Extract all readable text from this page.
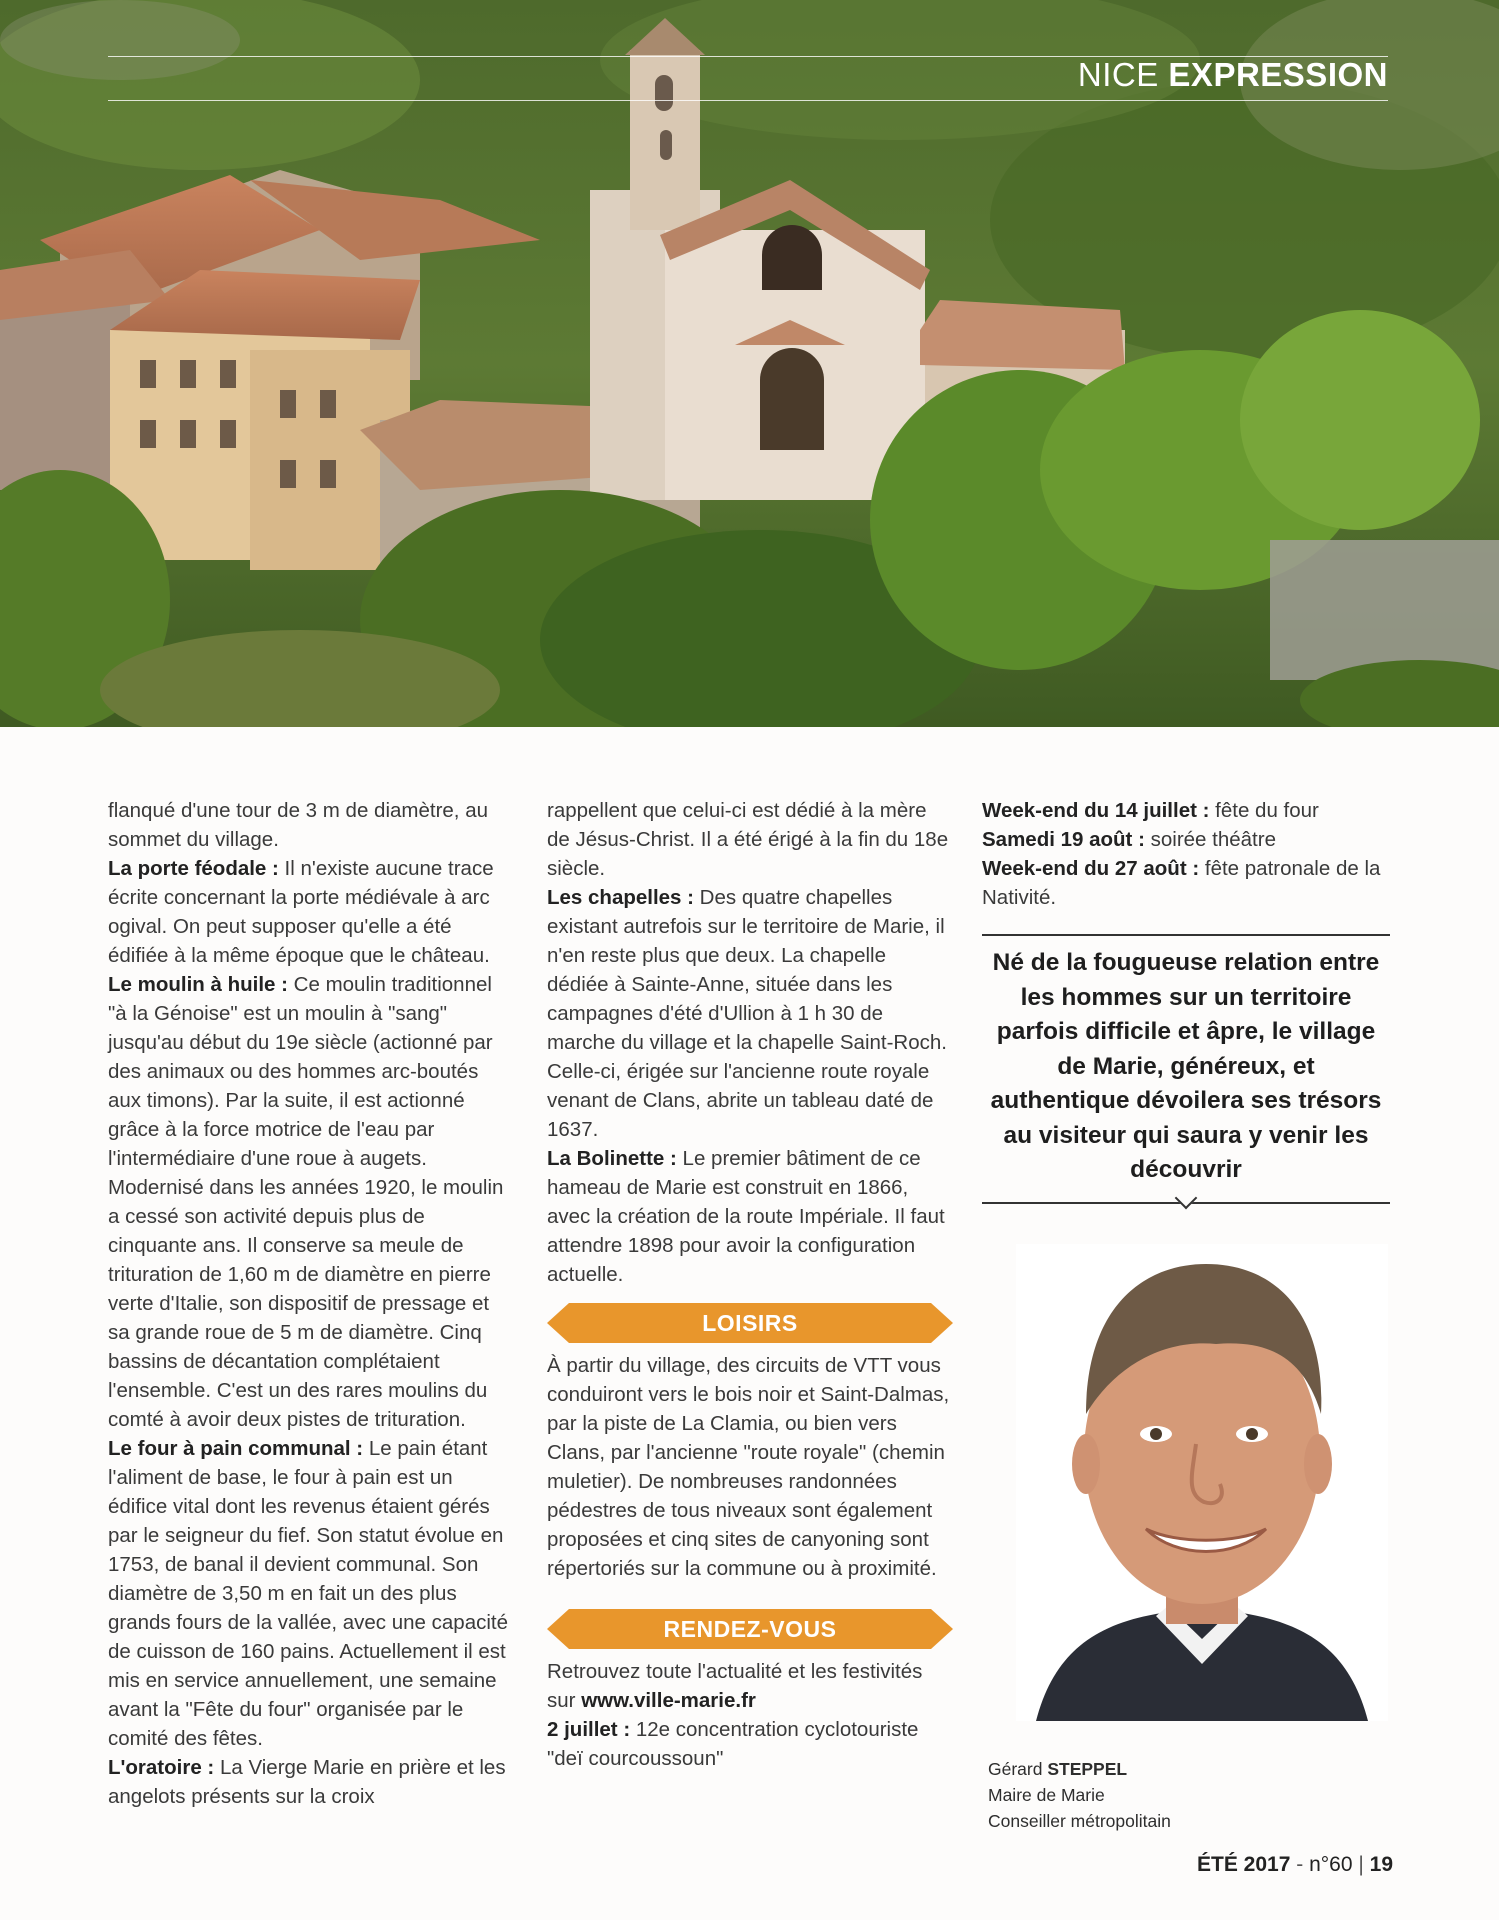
NICE EXPRESSION

flanqué d'une tour de 3 m de diamètre, au sommet du village.

La porte féodale : Il n'existe aucune trace écrite concernant la porte médiévale à arc ogival. On peut supposer qu'elle a été édifiée à la même époque que le château.

Le moulin à huile : Ce moulin traditionnel "à la Génoise" est un moulin à "sang" jusqu'au début du 19e siècle (actionné par des animaux ou des hommes arc-boutés aux timons). Par la suite, il est actionné grâce à la force motrice de l'eau par l'intermédiaire d'une roue à augets. Modernisé dans les années 1920, le moulin a cessé son activité depuis plus de cinquante ans. Il conserve sa meule de trituration de 1,60 m de diamètre en pierre verte d'Italie, son dispositif de pressage et sa grande roue de 5 m de diamètre. Cinq bassins de décantation complétaient l'ensemble. C'est un des rares moulins du comté à avoir deux pistes de trituration.

Le four à pain communal : Le pain étant l'aliment de base, le four à pain est un édifice vital dont les revenus étaient gérés par le seigneur du fief. Son statut évolue en 1753, de banal il devient communal. Son diamètre de 3,50 m en fait un des plus grands fours de la vallée, avec une capacité de cuisson de 160 pains. Actuellement il est mis en service annuellement, une semaine avant la "Fête du four" organisée par le comité des fêtes.

L'oratoire : La Vierge Marie en prière et les angelots présents sur la croix

rappellent que celui-ci est dédié à la mère de Jésus-Christ. Il a été érigé à la fin du 18e siècle.

Les chapelles : Des quatre chapelles existant autrefois sur le territoire de Marie, il n'en reste plus que deux. La chapelle dédiée à Sainte-Anne, située dans les campagnes d'été d'Ullion à 1 h 30 de marche du village et la chapelle Saint-Roch. Celle-ci, érigée sur l'ancienne route royale venant de Clans, abrite un tableau daté de 1637.

La Bolinette : Le premier bâtiment de ce hameau de Marie est construit en 1866, avec la création de la route Impériale. Il faut attendre 1898 pour avoir la configuration actuelle.

LOISIRS

À partir du village, des circuits de VTT vous conduiront vers le bois noir et Saint-Dalmas, par la piste de La Clamia, ou bien vers Clans, par l'ancienne "route royale" (chemin muletier). De nombreuses randonnées pédestres de tous niveaux sont également proposées et cinq sites de canyoning sont répertoriés sur la commune ou à proximité.

RENDEZ-VOUS

Retrouvez toute l'actualité et les festivités sur www.ville-marie.fr

2 juillet : 12e concentration cyclotouriste "deï courcoussoun"

Week-end du 14 juillet : fête du four

Samedi 19 août : soirée théâtre

Week-end du 27 août : fête patronale de la Nativité.

Né de la fougueuse relation entre les hommes sur un territoire parfois difficile et âpre, le village de Marie, généreux, et authentique dévoilera ses trésors au visiteur qui saura y venir les découvrir
Gérard STEPPEL
Maire de Marie
Conseiller métropolitain
ÉTÉ 2017 - n°60 | 19
